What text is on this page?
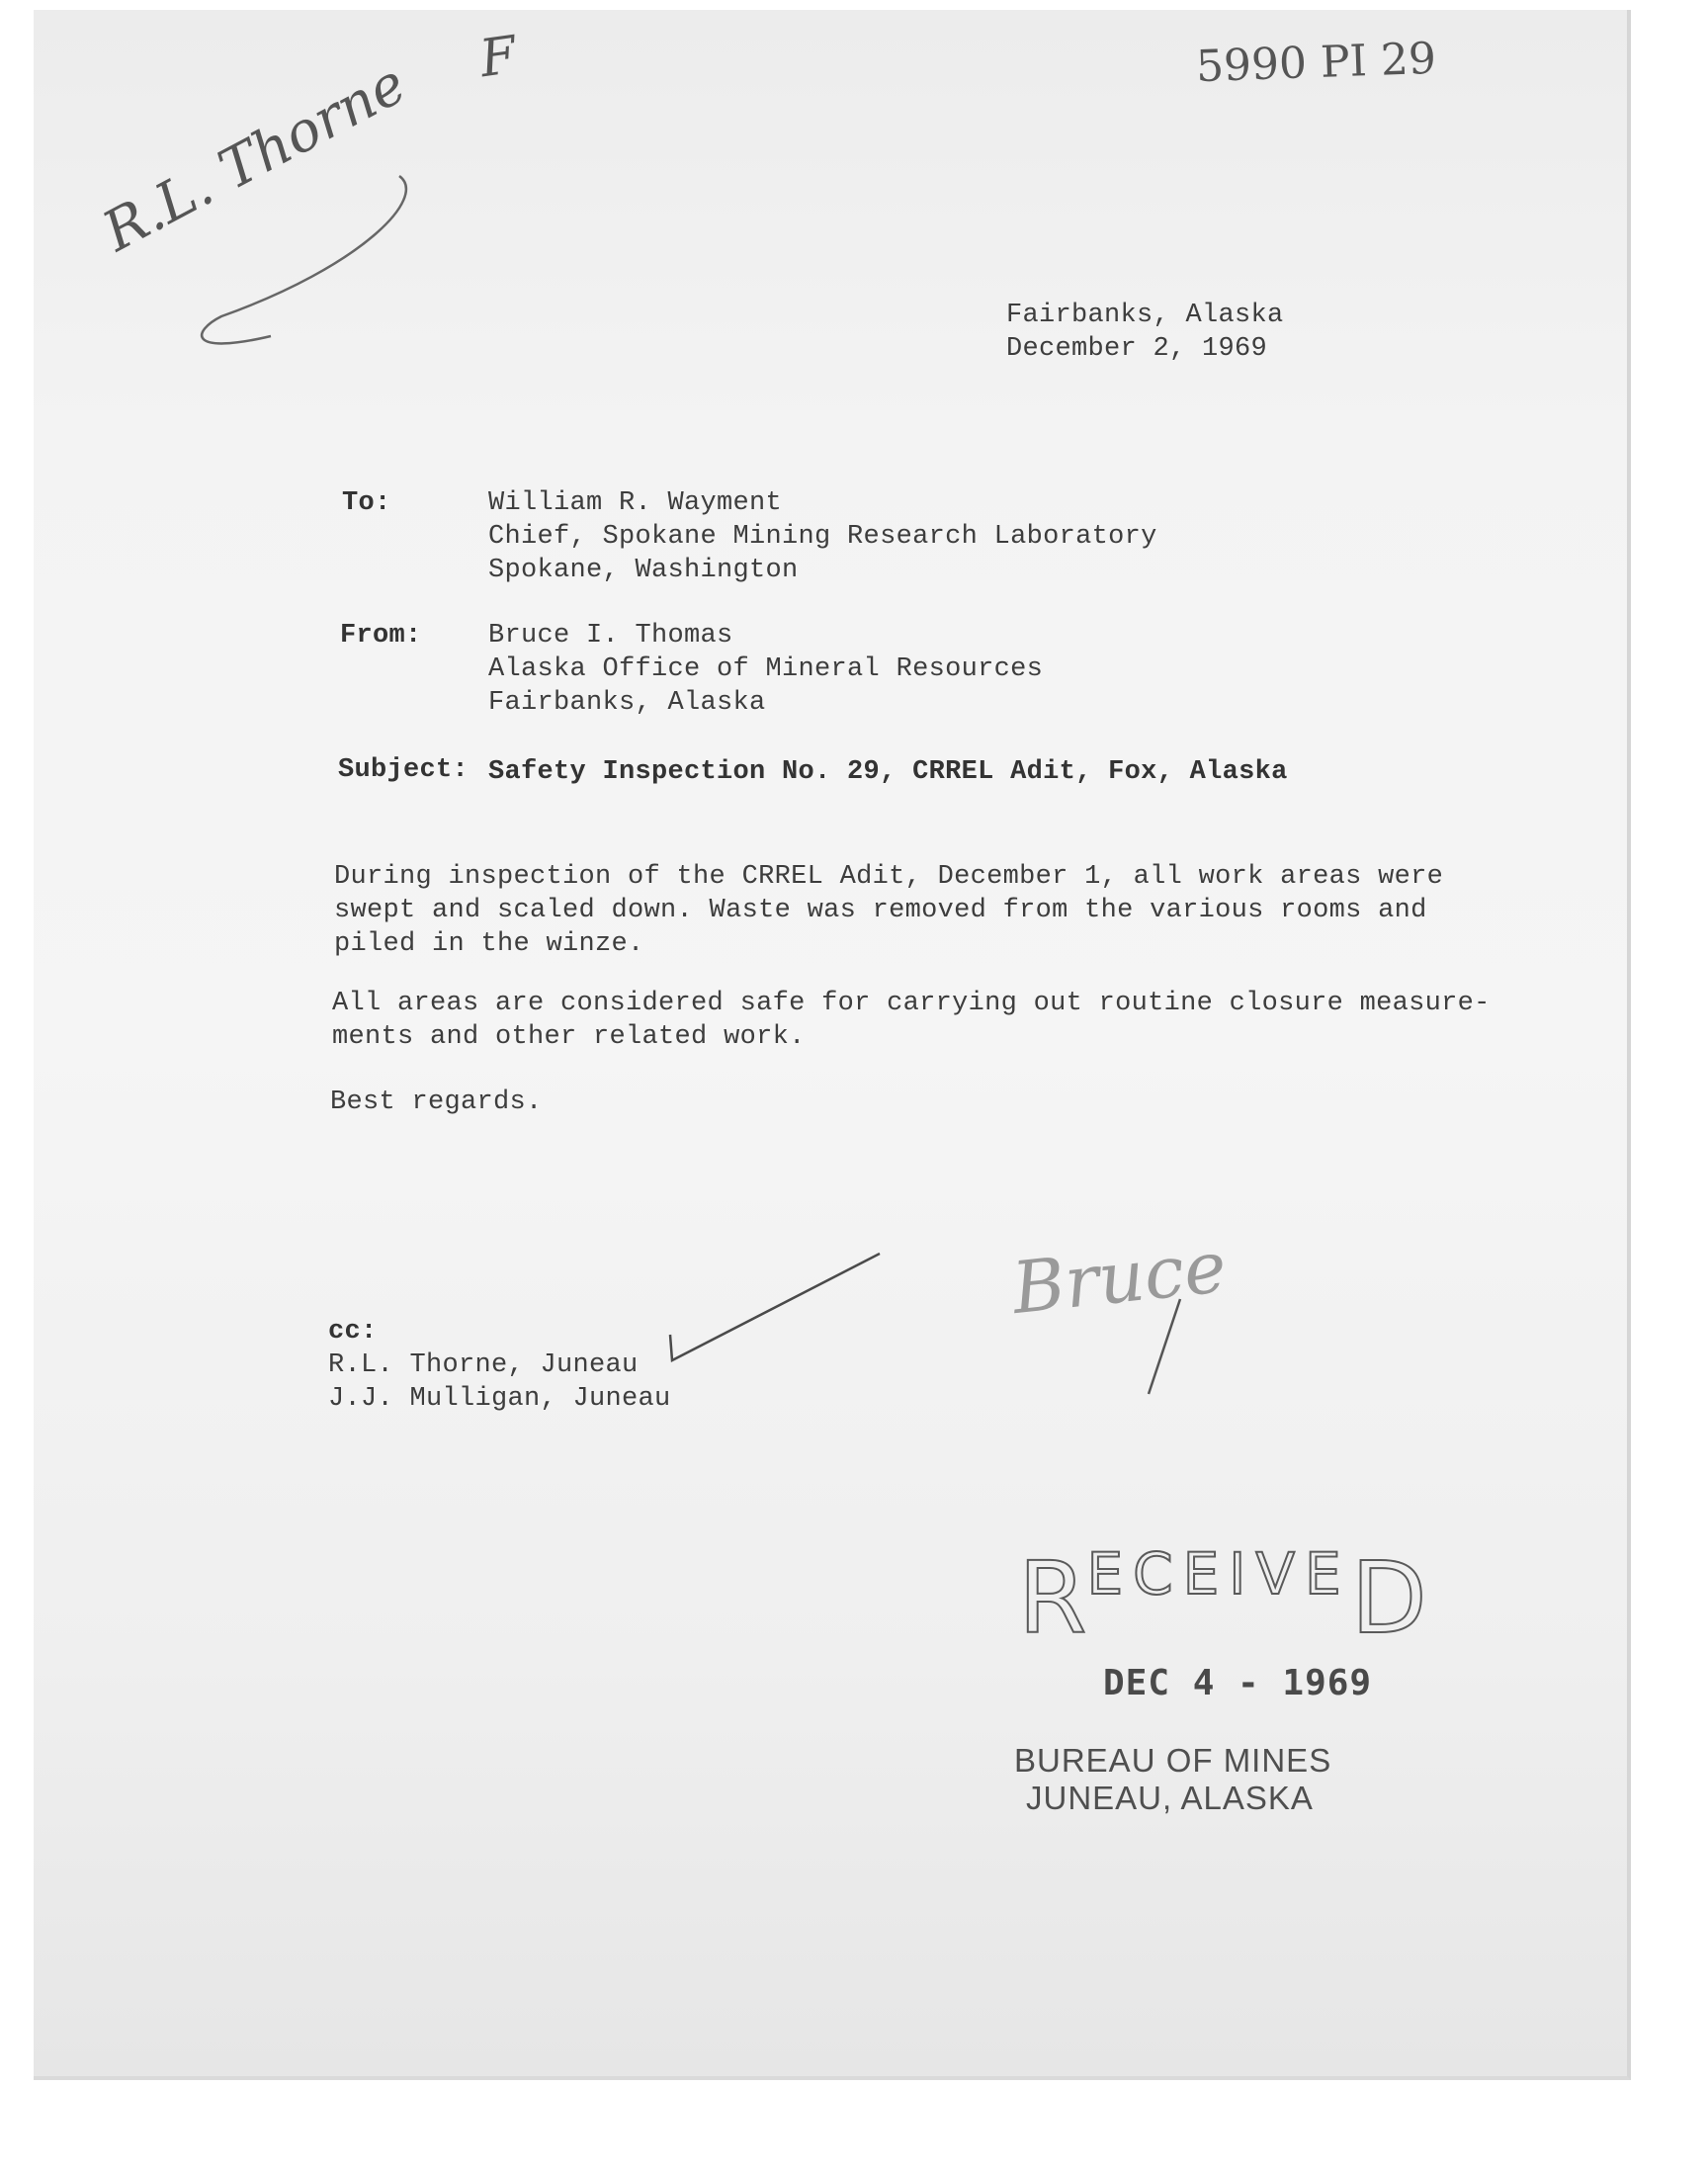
F	5990 PI 29
R.L. Thorne

Fairbanks, Alaska

December 2, 1969

To:	William R. Wayment

Chief, Spokane Mining Research Laboratory

Spokane, Washington

From: Bruce I. Thomas

Alaska Office of Mineral Resources

Fairbanks, Alaska

Subject: Safety Inspection No. 29, CRREL Adit, Fox, Alaska

During inspection of the CRREL Adit, December 1, all work areas were swept and scaled down. Waste was removed from the various rooms and piled in the winze.

All areas are considered safe for carrying out routine closure measure-ments and other related work.

Best regards.

Bruce

cc:

R.L. Thorne, Juneau

J.J. Mulligan, Juneau

RECEIVED
DEC 4 - 1969
BUREAU OF MINES
JUNEAU, ALASKA
